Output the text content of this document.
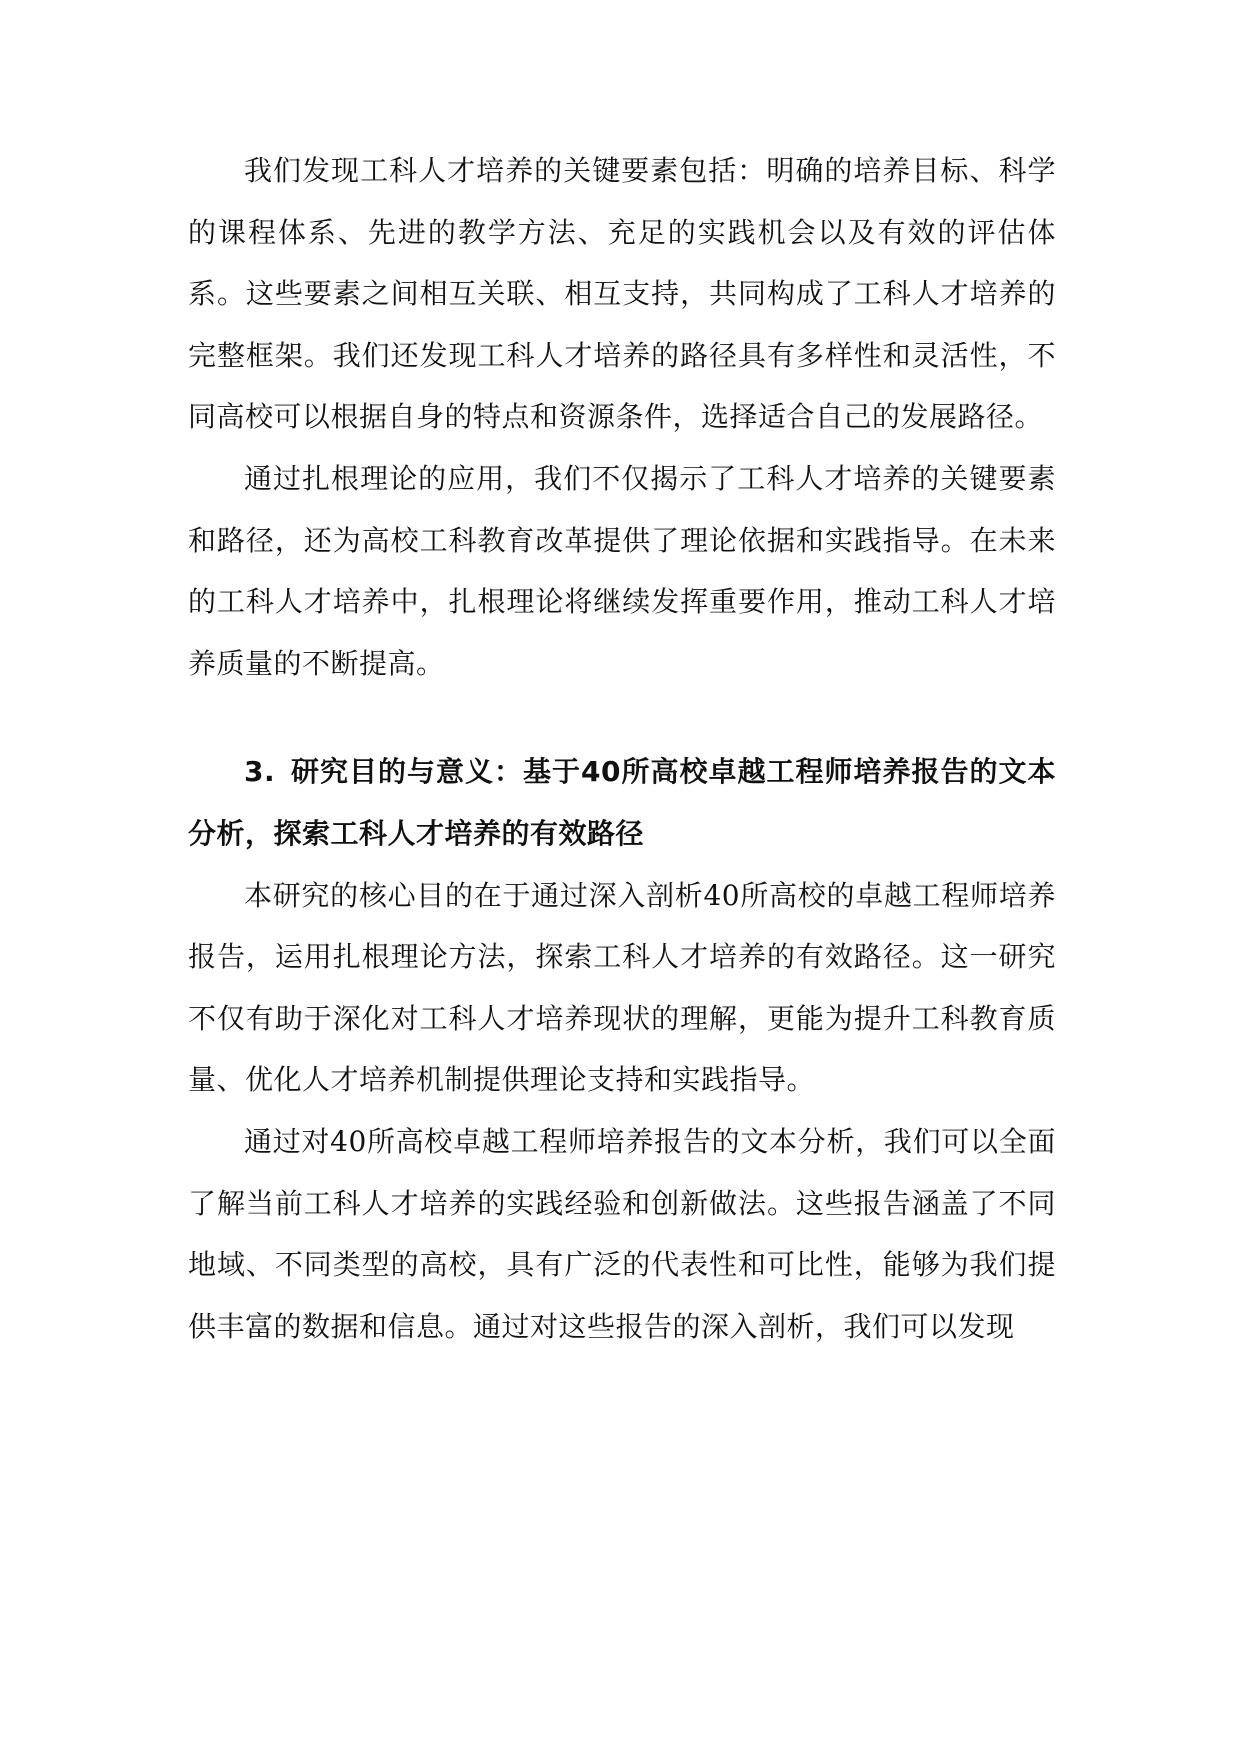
我们发现工科人才培养的关键要素包括：明确的培养目标、科学的课程体系、先进的教学方法、充足的实践机会以及有效的评估体系。这些要素之间相互关联、相互支持，共同构成了工科人才培养的完整框架。我们还发现工科人才培养的路径具有多样性和灵活性，不同高校可以根据自身的特点和资源条件，选择适合自己的发展路径。

通过扎根理论的应用，我们不仅揭示了工科人才培养的关键要素和路径，还为高校工科教育改革提供了理论依据和实践指导。在未来的工科人才培养中，扎根理论将继续发挥重要作用，推动工科人才培养质量的不断提高。

3. 研究目的与意义：基于40所高校卓越工程师培养报告的文本分析，探索工科人才培养的有效路径

本研究的核心目的在于通过深入剖析40所高校的卓越工程师培养报告，运用扎根理论方法，探索工科人才培养的有效路径。这一研究不仅有助于深化对工科人才培养现状的理解，更能为提升工科教育质量、优化人才培养机制提供理论支持和实践指导。

通过对40所高校卓越工程师培养报告的文本分析，我们可以全面了解当前工科人才培养的实践经验和创新做法。这些报告涵盖了不同地域、不同类型的高校，具有广泛的代表性和可比性，能够为我们提供丰富的数据和信息。通过对这些报告的深入剖析，我们可以发现
